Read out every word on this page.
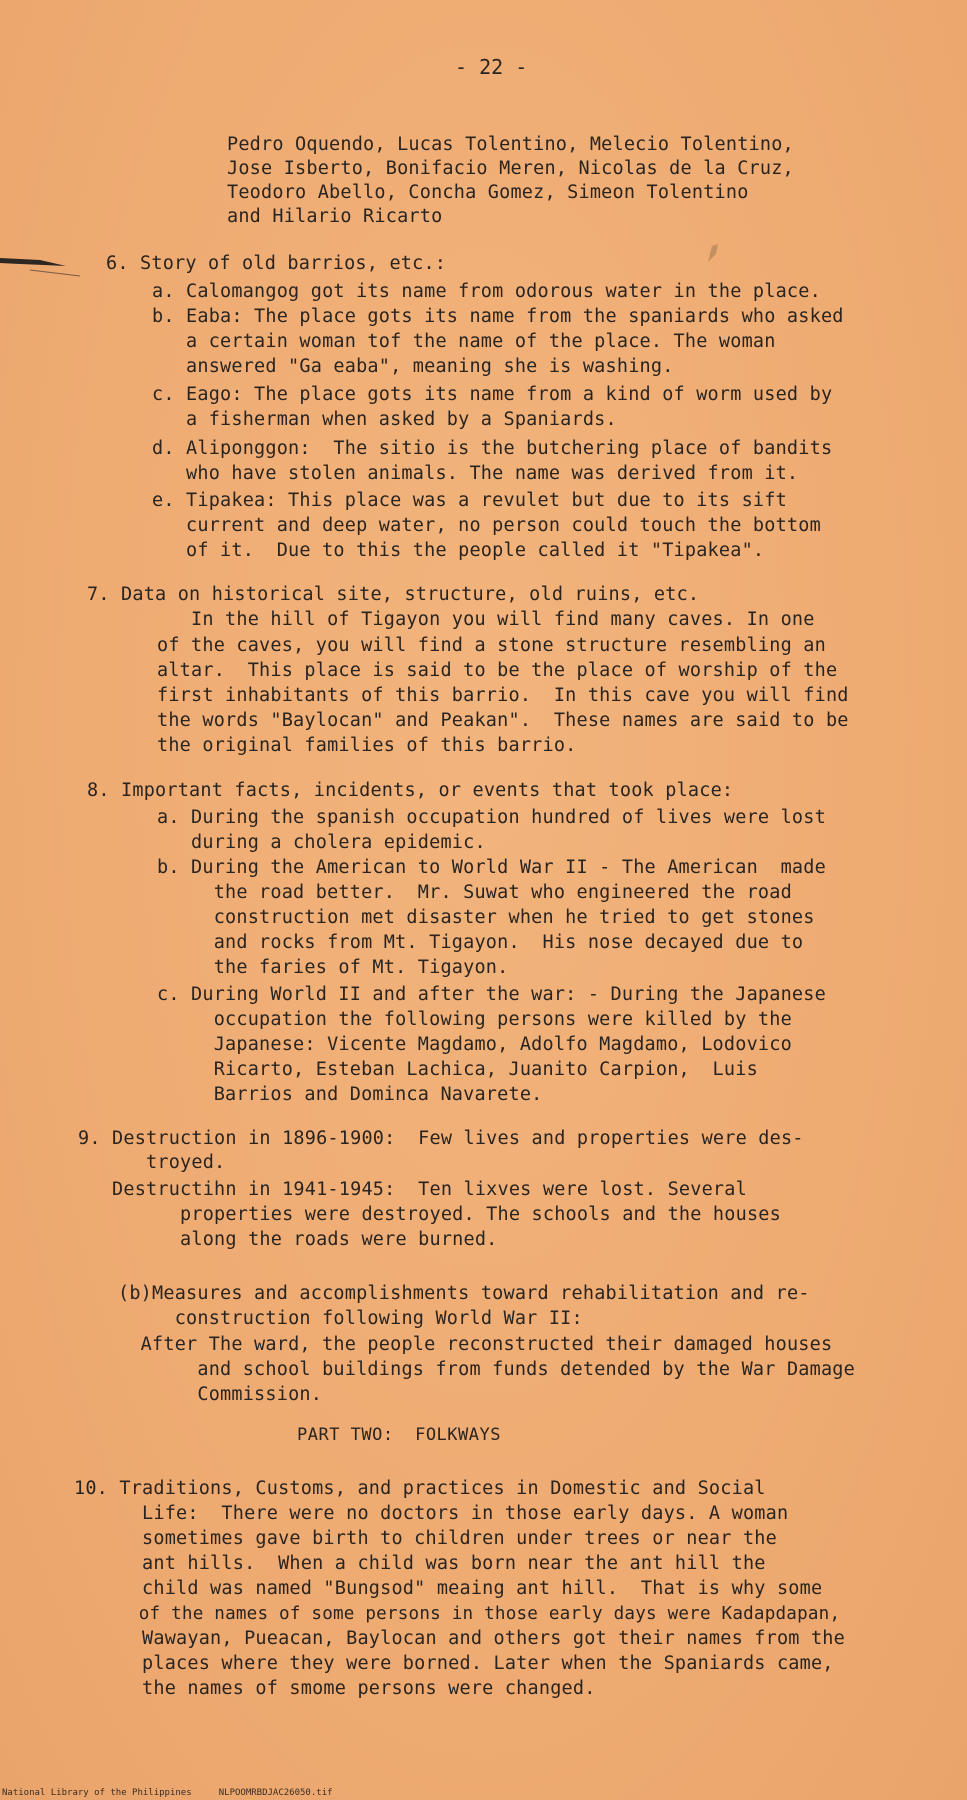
- 22 -
Pedro Oquendo, Lucas Tolentino, Melecio Tolentino,
Jose Isberto, Bonifacio Meren, Nicolas de la Cruz,
Teodoro Abello, Concha Gomez, Simeon Tolentino
and Hilario Ricarto
6. Story of old barrios, etc.:
a. Calomangog got its name from odorous water in the place.
b. Eaba: The place gots its name from the spaniards who asked
a certain woman tof the name of the place. The woman
answered "Ga eaba", meaning she is washing.
c. Eago: The place gots its name from a kind of worm used by
a fisherman when asked by a Spaniards.
d. Aliponggon:  The sitio is the butchering place of bandits
who have stolen animals. The name was derived from it.
e. Tipakea: This place was a revulet but due to its sift
current and deep water, no person could touch the bottom
of it.  Due to this the people called it "Tipakea".
7. Data on historical site, structure, old ruins, etc.
In the hill of Tigayon you will find many caves. In one
of the caves, you will find a stone structure resembling an
altar.  This place is said to be the place of worship of the
first inhabitants of this barrio.  In this cave you will find
the words "Baylocan" and Peakan".  These names are said to be
the original families of this barrio.
8. Important facts, incidents, or events that took place:
a. During the spanish occupation hundred of lives were lost
during a cholera epidemic.
b. During the American to World War II - The American  made
the road better.  Mr. Suwat who engineered the road
construction met disaster when he tried to get stones
and rocks from Mt. Tigayon.  His nose decayed due to
the faries of Mt. Tigayon.
c. During World II and after the war: - During the Japanese
occupation the following persons were killed by the
Japanese: Vicente Magdamo, Adolfo Magdamo, Lodovico
Ricarto, Esteban Lachica, Juanito Carpion,  Luis
Barrios and Dominca Navarete.
9. Destruction in 1896-1900:  Few lives and properties were des-
troyed.
Destructihn in 1941-1945:  Ten lixves were lost. Several
properties were destroyed. The schools and the houses
along the roads were burned.
(b)Measures and accomplishments toward rehabilitation and re-
construction following World War II:
After The ward, the people reconstructed their damaged houses
and school buildings from funds detended by the War Damage
Commission.
PART TWO:  FOLKWAYS
10. Traditions, Customs, and practices in Domestic and Social
Life:  There were no doctors in those early days. A woman
sometimes gave birth to children under trees or near the
ant hills.  When a child was born near the ant hill the
child was named "Bungsod" meaing ant hill.  That is why some
of the names of some persons in those early days were Kadapdapan,
Wawayan, Pueacan, Baylocan and others got their names from the
places where they were borned. Later when the Spaniards came,
the names of smome persons were changed.
National Library of the Philippines     NLPOOMRBDJAC26050.tif
